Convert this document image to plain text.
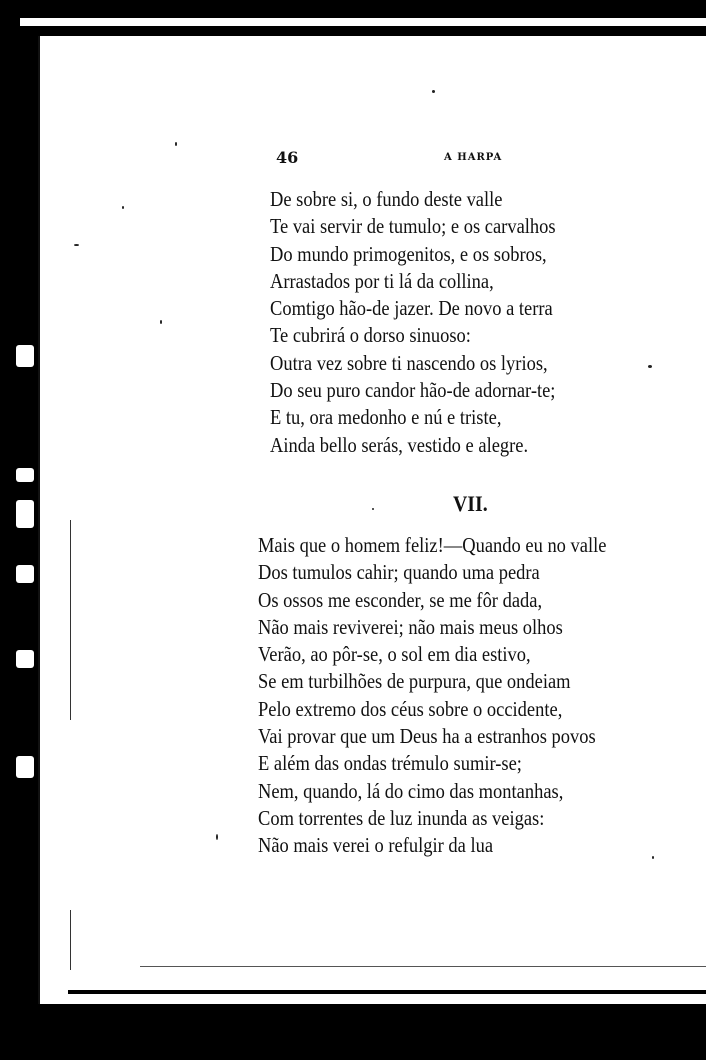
46	A HARPA
De sobre si, o fundo deste valle
Te vai servir de tumulo; e os carvalhos
Do mundo primogenitos, e os sobros,
Arrastados por ti lá da collina,
Comtigo hão-de jazer. De novo a terra
Te cubrirá o dorso sinuoso:
Outra vez sobre ti nascendo os lyrios,
Do seu puro candor hão-de adornar-te;
E tu, ora medonho e nú e triste,
Ainda bello serás, vestido e alegre.
VII.
Mais que o homem feliz!—Quando eu no valle
Dos tumulos cahir; quando uma pedra
Os ossos me esconder, se me fôr dada,
Não mais reviverei; não mais meus olhos
Verão, ao pôr-se, o sol em dia estivo,
Se em turbilhões de purpura, que ondeiam
Pelo extremo dos céus sobre o occidente,
Vai provar que um Deus ha a estranhos povos
E além das ondas trémulo sumir-se;
Nem, quando, lá do cimo das montanhas,
Com torrentes de luz inunda as veigas:
Não mais verei o refulgir da lua
